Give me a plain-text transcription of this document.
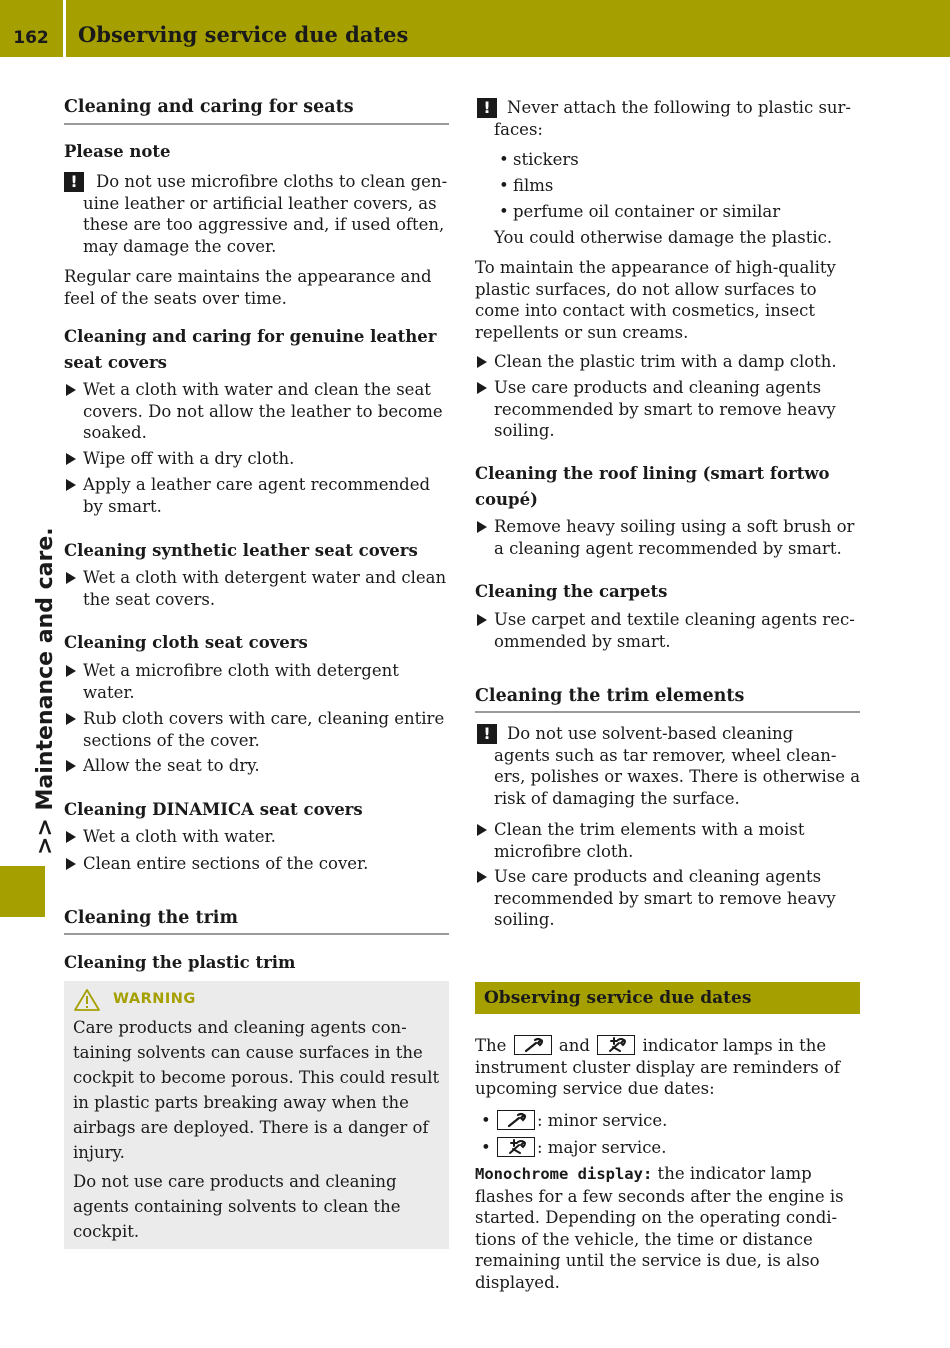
162	Observing service due dates
>> Maintenance and care.
Cleaning and caring for seats
Please note
!	Do not use microfibre cloths to clean gen-
uine leather or artificial leather covers, as
these are too aggressive and, if used often,
may damage the cover.
Regular care maintains the appearance and
feel of the seats over time.
Cleaning and caring for genuine leather
seat covers
Wet a cloth with water and clean the seat
covers. Do not allow the leather to become
soaked.
Wipe off with a dry cloth.
Apply a leather care agent recommended
by smart.
Cleaning synthetic leather seat covers
Wet a cloth with detergent water and clean
the seat covers.
Cleaning cloth seat covers
Wet a microfibre cloth with detergent
water.
Rub cloth covers with care, cleaning entire
sections of the cover.
Allow the seat to dry.
Cleaning DINAMICA seat covers
Wet a cloth with water.
Clean entire sections of the cover.
Cleaning the trim
Cleaning the plastic trim
WARNING
Care products and cleaning agents con-
taining solvents can cause surfaces in the
cockpit to become porous. This could result
in plastic parts breaking away when the
airbags are deployed. There is a danger of
injury.
Do not use care products and cleaning
agents containing solvents to clean the
cockpit.
! Never attach the following to plastic sur-
faces:
• stickers
• films
• perfume oil container or similar
You could otherwise damage the plastic.
To maintain the appearance of high-quality
plastic surfaces, do not allow surfaces to
come into contact with cosmetics, insect
repellents or sun creams.
Clean the plastic trim with a damp cloth.
Use care products and cleaning agents
recommended by smart to remove heavy
soiling.
Cleaning the roof lining (smart fortwo
coupé)
Remove heavy soiling using a soft brush or
a cleaning agent recommended by smart.
Cleaning the carpets
Use carpet and textile cleaning agents rec-
ommended by smart.
Cleaning the trim elements
! Do not use solvent-based cleaning
agents such as tar remover, wheel clean-
ers, polishes or waxes. There is otherwise a
risk of damaging the surface.
Clean the trim elements with a moist
microfibre cloth.
Use care products and cleaning agents
recommended by smart to remove heavy
soiling.
Observing service due dates
The	and	indicator lamps in the
instrument cluster display are reminders of
upcoming service due dates:
• : minor service.
• : major service.
Monochrome display: the indicator lamp
flashes for a few seconds after the engine is
started. Depending on the operating condi-
tions of the vehicle, the time or distance
remaining until the service is due, is also
displayed.
